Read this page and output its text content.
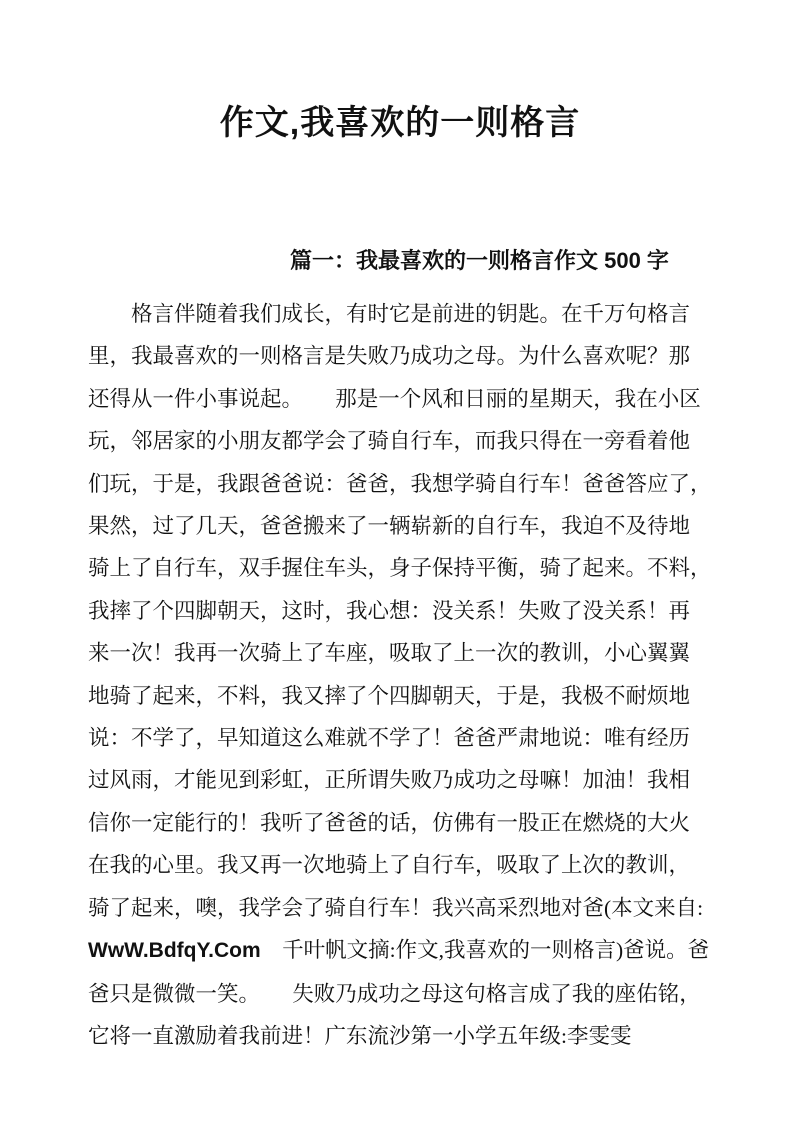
作文,我喜欢的一则格言
篇一：我最喜欢的一则格言作文 500 字
　　格言伴随着我们成长，有时它是前进的钥匙。在千万句格言
里，我最喜欢的一则格言是失败乃成功之母。为什么喜欢呢？那
还得从一件小事说起。　　那是一个风和日丽的星期天，我在小区
玩，邻居家的小朋友都学会了骑自行车，而我只得在一旁看着他
们玩，于是，我跟爸爸说：爸爸，我想学骑自行车！爸爸答应了，
果然，过了几天，爸爸搬来了一辆崭新的自行车，我迫不及待地
骑上了自行车，双手握住车头，身子保持平衡，骑了起来。不料，
我摔了个四脚朝天，这时，我心想：没关系！失败了没关系！再
来一次！我再一次骑上了车座，吸取了上一次的教训，小心翼翼
地骑了起来，不料，我又摔了个四脚朝天，于是，我极不耐烦地
说：不学了，早知道这么难就不学了！爸爸严肃地说：唯有经历
过风雨，才能见到彩虹，正所谓失败乃成功之母嘛！加油！我相
信你一定能行的！我听了爸爸的话，仿佛有一股正在燃烧的大火
在我的心里。我又再一次地骑上了自行车，吸取了上次的教训，
骑了起来，噢，我学会了骑自行车！我兴高采烈地对爸(本文来自:
WwW.BdfqY.Com　千叶帆文摘:作文,我喜欢的一则格言)爸说。爸
爸只是微微一笑。　　失败乃成功之母这句格言成了我的座佑铭，
它将一直激励着我前进！广东流沙第一小学五年级:李雯雯
